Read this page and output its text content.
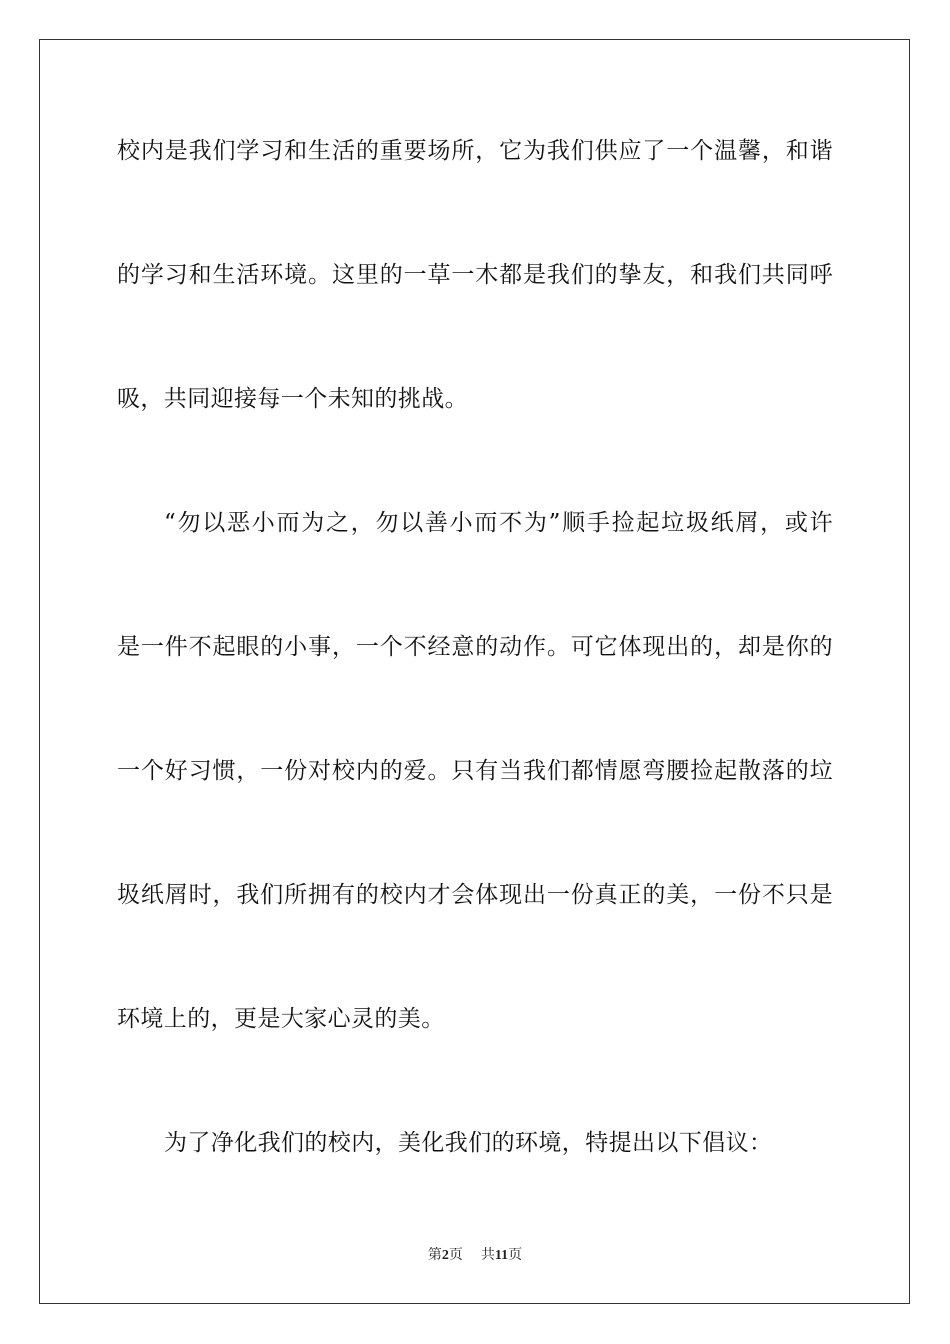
校内是我们学习和生活的重要场所，它为我们供应了一个温馨，和谐
的学习和生活环境。这里的一草一木都是我们的挚友，和我们共同呼
吸，共同迎接每一个未知的挑战。
“勿以恶小而为之，勿以善小而不为”顺手捡起垃圾纸屑，或许
是一件不起眼的小事，一个不经意的动作。可它体现出的，却是你的
一个好习惯，一份对校内的爱。只有当我们都情愿弯腰捡起散落的垃
圾纸屑时，我们所拥有的校内才会体现出一份真正的美，一份不只是
环境上的，更是大家心灵的美。
为了净化我们的校内，美化我们的环境，特提出以下倡议：
第2页 共11页
